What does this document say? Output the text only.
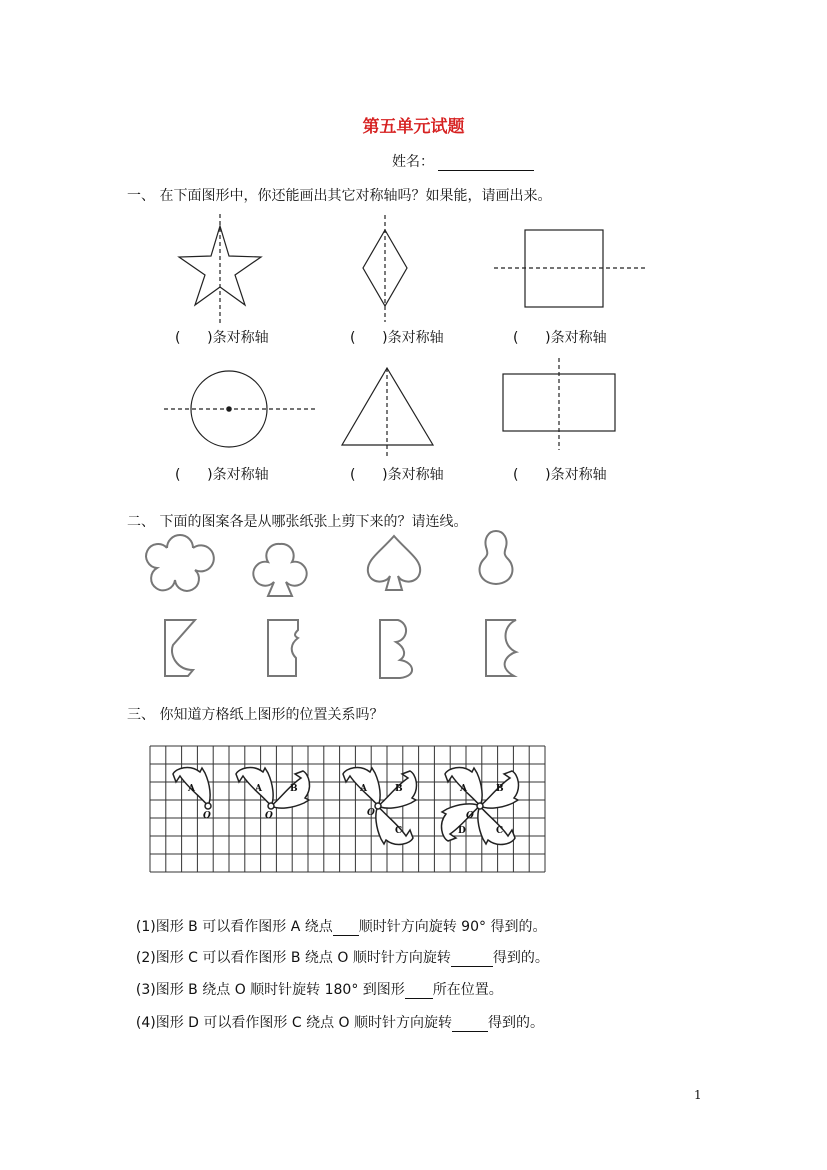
第五单元试题
姓名：
一、 在下面图形中，你还能画出其它对称轴吗？如果能，请画出来。
(      )条对称轴	(      )条对称轴	(      )条对称轴
(      )条对称轴	(      )条对称轴	(      )条对称轴
二、 下面的图案各是从哪张纸张上剪下来的？请连线。
三、 你知道方格纸上图形的位置关系吗？
A
O
A	B
O
A	B
C
O
A	B
C
D
O

(1)图形 B 可以看作图形 A 绕点 顺时针方向旋转 90° 得到的。

(2)图形 C 可以看作图形 B 绕点 O 顺时针方向旋转	得到的。

(3)图形 B 绕点 O 顺时针旋转 180° 到图形 所在位置。

(4)图形 D 可以看作图形 C 绕点 O 顺时针方向旋转	得到的。

1
